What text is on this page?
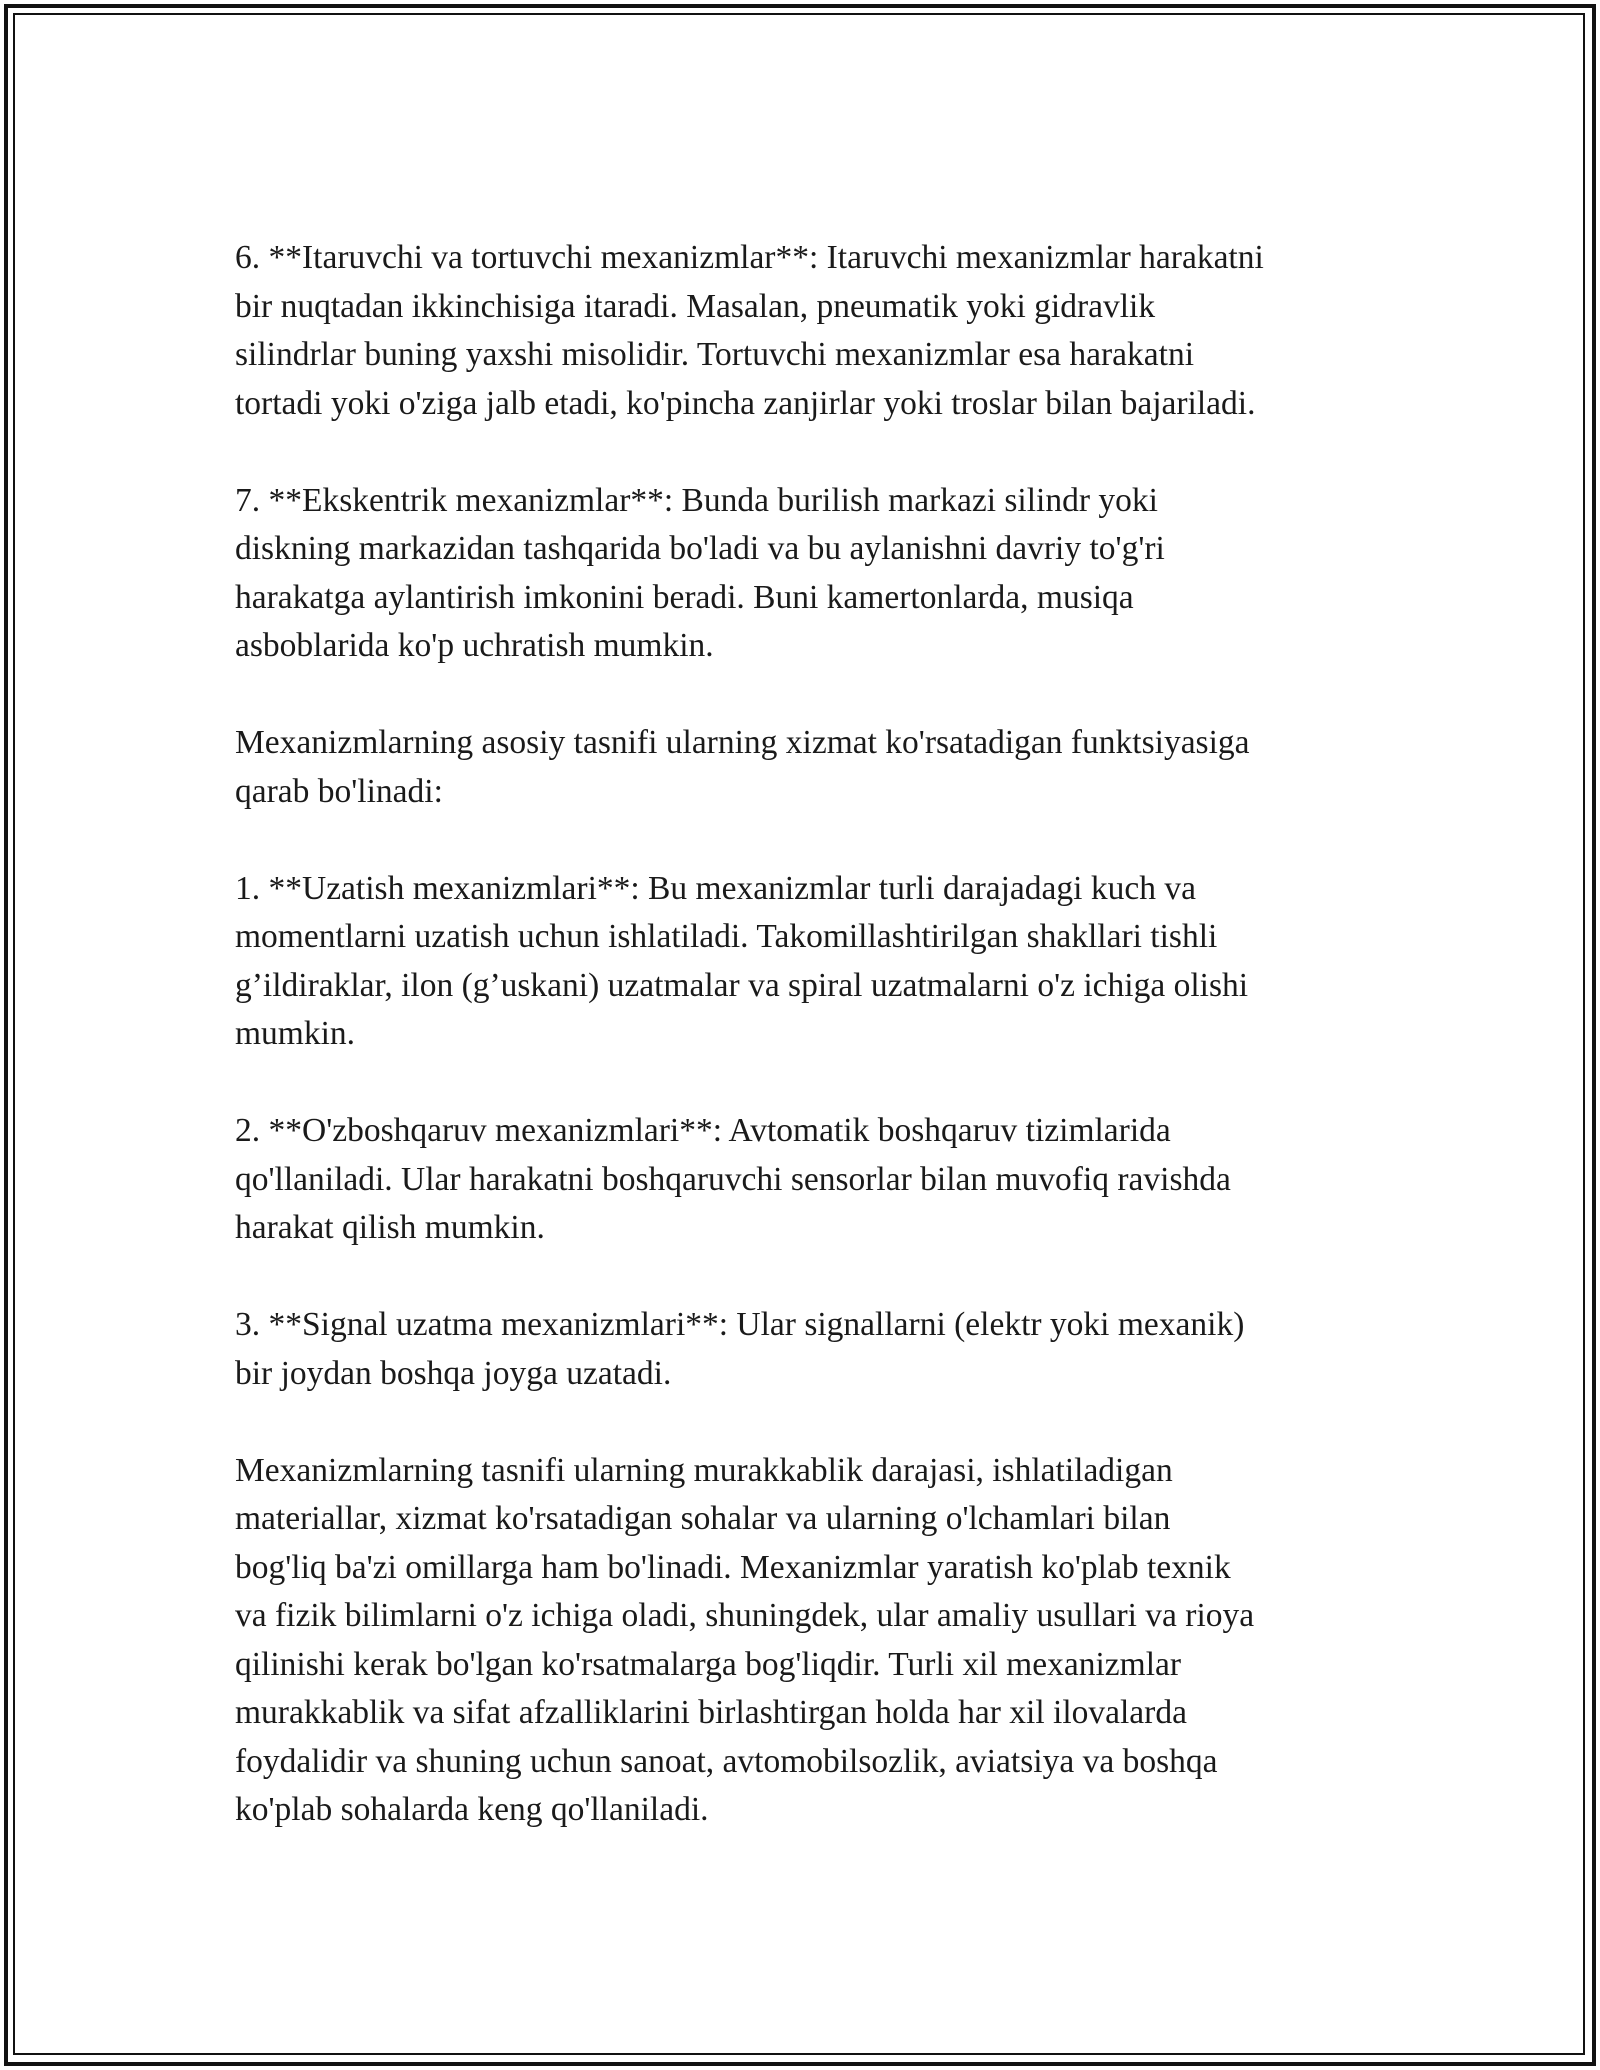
6. **Itaruvchi va tortuvchi mexanizmlar**: Itaruvchi mexanizmlar harakatni
bir nuqtadan ikkinchisiga itaradi. Masalan, pneumatik yoki gidravlik
silindrlar buning yaxshi misolidir. Tortuvchi mexanizmlar esa harakatni
tortadi yoki o'ziga jalb etadi, ko'pincha zanjirlar yoki troslar bilan bajariladi.

7. **Ekskentrik mexanizmlar**: Bunda burilish markazi silindr yoki
diskning markazidan tashqarida bo'ladi va bu aylanishni davriy to'g'ri
harakatga aylantirish imkonini beradi. Buni kamertonlarda, musiqa
asboblarida ko'p uchratish mumkin.

Mexanizmlarning asosiy tasnifi ularning xizmat ko'rsatadigan funktsiyasiga
qarab bo'linadi:

1. **Uzatish mexanizmlari**: Bu mexanizmlar turli darajadagi kuch va
momentlarni uzatish uchun ishlatiladi. Takomillashtirilgan shakllari tishli
g’ildiraklar, ilon (g’uskani) uzatmalar va spiral uzatmalarni o'z ichiga olishi
mumkin.

2. **O'zboshqaruv mexanizmlari**: Avtomatik boshqaruv tizimlarida
qo'llaniladi. Ular harakatni boshqaruvchi sensorlar bilan muvofiq ravishda
harakat qilish mumkin.

3. **Signal uzatma mexanizmlari**: Ular signallarni (elektr yoki mexanik)
bir joydan boshqa joyga uzatadi.

Mexanizmlarning tasnifi ularning murakkablik darajasi, ishlatiladigan
materiallar, xizmat ko'rsatadigan sohalar va ularning o'lchamlari bilan
bog'liq ba'zi omillarga ham bo'linadi. Mexanizmlar yaratish ko'plab texnik
va fizik bilimlarni o'z ichiga oladi, shuningdek, ular amaliy usullari va rioya
qilinishi kerak bo'lgan ko'rsatmalarga bog'liqdir. Turli xil mexanizmlar
murakkablik va sifat afzalliklarini birlashtirgan holda har xil ilovalarda
foydalidir va shuning uchun sanoat, avtomobilsozlik, aviatsiya va boshqa
ko'plab sohalarda keng qo'llaniladi.
